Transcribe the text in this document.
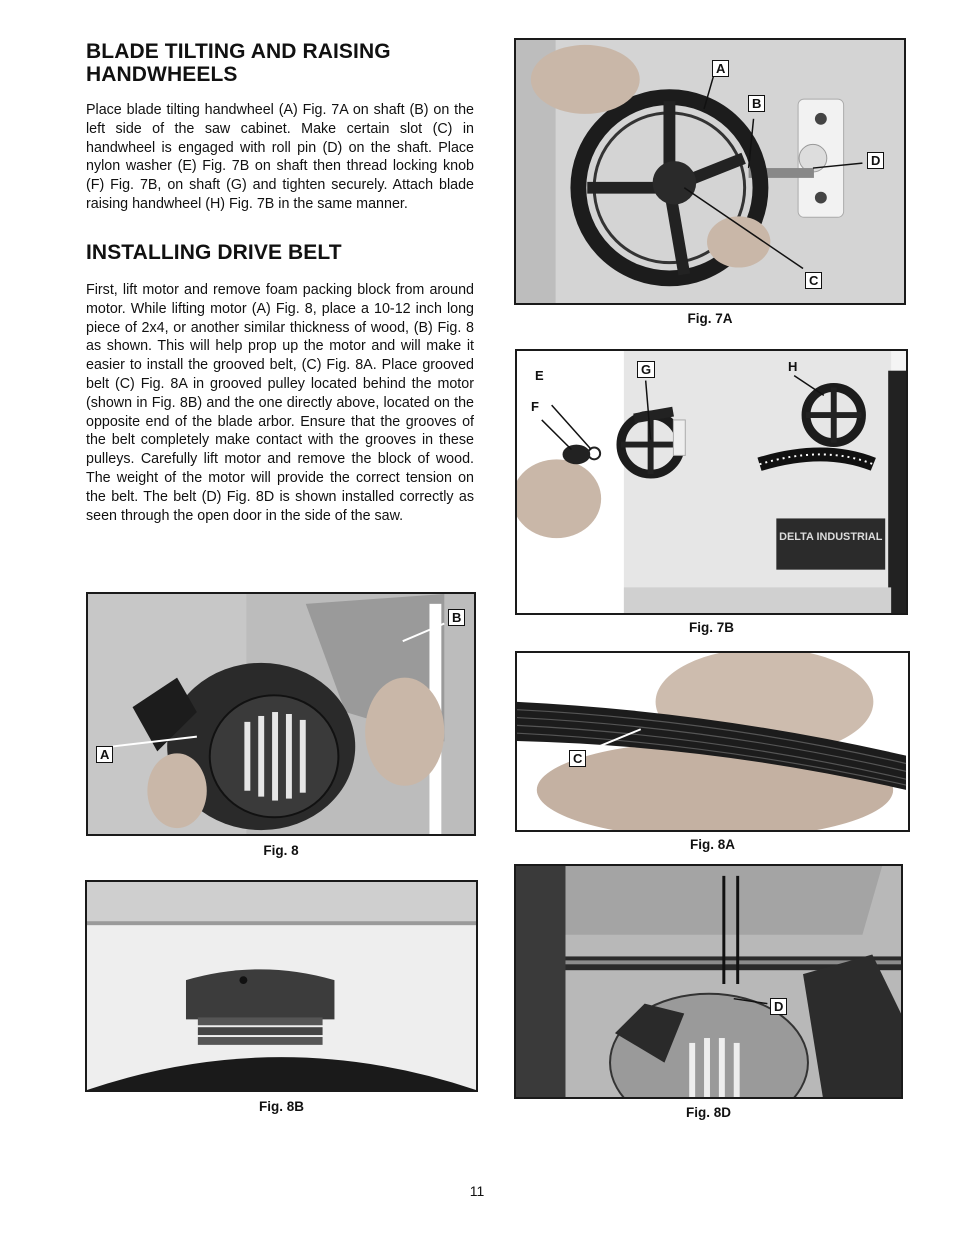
BLADE TILTING AND RAISING
HANDWHEELS

Place blade tilting handwheel (A) Fig. 7A on shaft (B) on the left side of the saw cabinet. Make certain slot (C) in handwheel is engaged with roll pin (D) on the shaft. Place nylon washer (E) Fig. 7B on shaft then thread locking knob (F) Fig. 7B, on shaft (G) and tighten securely. Attach blade raising handwheel (H) Fig. 7B in the same manner.

INSTALLING DRIVE BELT

First, lift motor and remove foam packing block from around motor. While lifting motor (A) Fig. 8, place a 10-12 inch long piece of 2x4, or another similar thickness of wood, (B) Fig. 8 as shown. This will help prop up the motor and will make it easier to install the grooved belt, (C) Fig. 8A. Place grooved belt (C) Fig. 8A in grooved pulley located behind the motor (shown in Fig. 8B) and the one directly above, located on the opposite end of the blade arbor. Ensure that the grooves of the belt completely make contact with the grooves in these pulleys. Carefully lift motor and remove the block of wood. The weight of the motor will provide the correct tension on the belt. The belt (D) Fig. 8D is shown installed correctly as seen through the open door in the side of the saw.

A
B
D
C
Fig. 7A
DELTA INDUSTRIAL
E
F
G	H
Fig. 7B
A
B
Fig. 8
C
Fig. 8A
Fig. 8B
D
Fig. 8D
11
